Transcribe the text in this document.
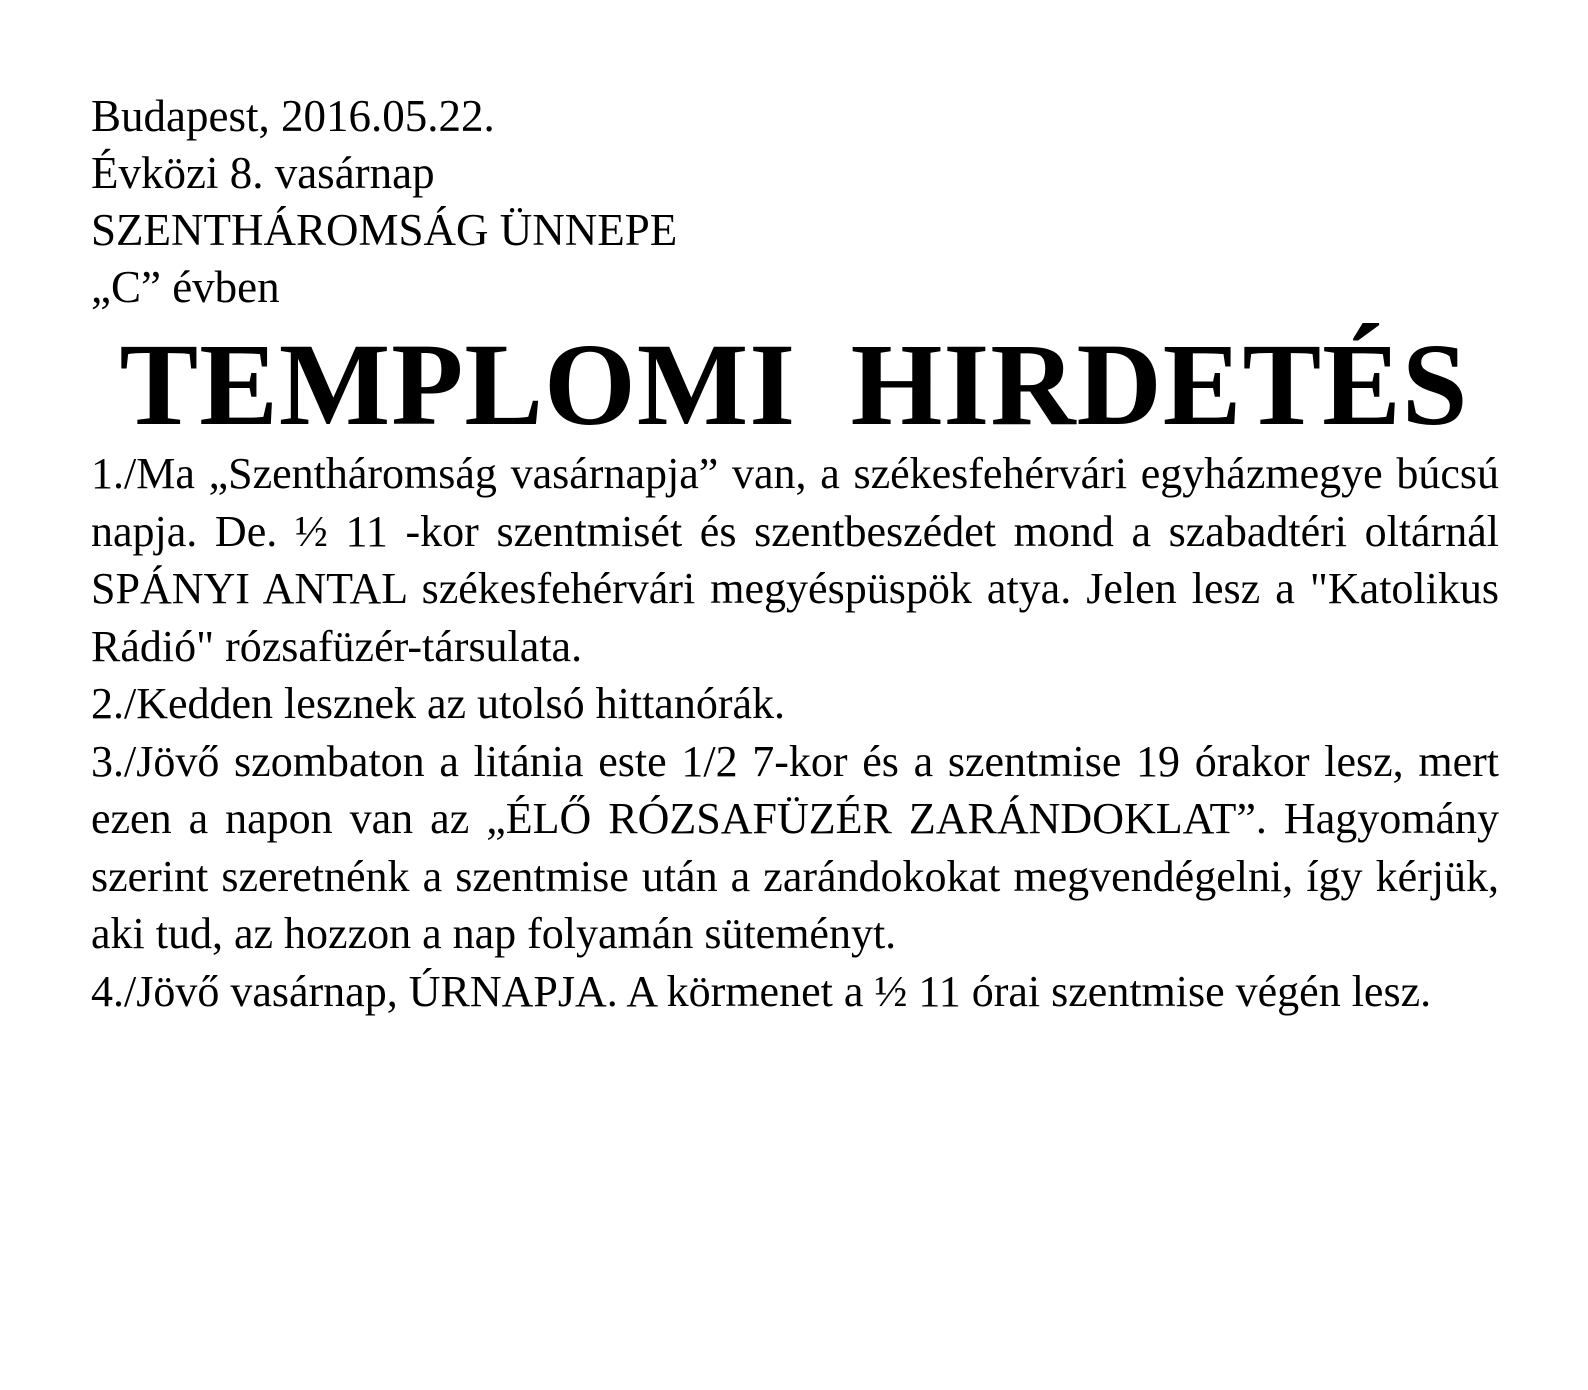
Budapest, 2016.05.22.
Évközi 8. vasárnap
SZENTHÁROMSÁG ÜNNEPE
„C” évben
TEMPLOMI HIRDETÉS

1./Ma „Szentháromság vasárnapja” van, a székesfehérvári egyházmegye búcsú napja. De. ½ 11 -kor szentmisét és szentbeszédet mond a szabadtéri oltárnál SPÁNYI ANTAL székesfehérvári megyéspüspök atya. Jelen lesz a "Katolikus Rádió" rózsafüzér-társulata.

2./Kedden lesznek az utolsó hittanórák.

3./Jövő szombaton a litánia este 1/2 7-kor és a szentmise 19 órakor lesz, mert ezen a napon van az „ÉLŐ RÓZSAFÜZÉR ZARÁNDOKLAT”. Hagyomány szerint szeretnénk a szentmise után a zarándokokat megvendégelni, így kérjük, aki tud, az hozzon a nap folyamán süteményt.

4./Jövő vasárnap, ÚRNAPJA. A körmenet a ½ 11 órai szentmise végén lesz.
